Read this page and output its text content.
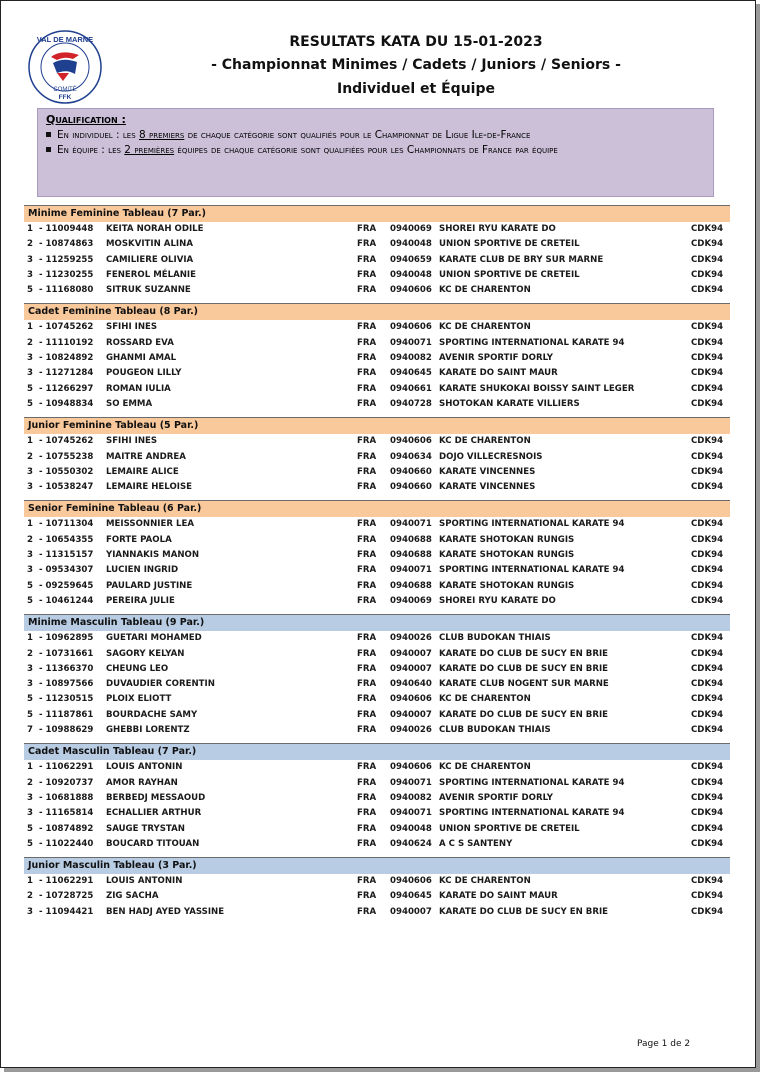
VAL DE MARNE
COMITÉ
FFK
RESULTATS KATA DU 15-01-2023
- Championnat Minimes / Cadets / Juniors / Seniors -
Individuel et Équipe
Qualification :
En individuel : les 8 premiers de chaque catégorie sont qualifiés pour le Championnat de Ligue Ile-de-France
En équipe : les 2 premières équipes de chaque catégorie sont qualifiées pour les Championnats de France par équipe
Minime Feminine Tableau (7 Par.)
1 - 11009448 KEITA NORAH ODILE	FRA 0940069 SHOREI RYU KARATE DO	CDK94
2 - 10874863 MOSKVITIN ALINA	FRA 0940048 UNION SPORTIVE DE CRETEIL	CDK94
3 - 11259255 CAMILIERE OLIVIA	FRA 0940659 KARATE CLUB DE BRY SUR MARNE	CDK94
3 - 11230255 FENEROL MÉLANIE	FRA 0940048 UNION SPORTIVE DE CRETEIL	CDK94
5 - 11168080 SITRUK SUZANNE	FRA 0940606 KC DE CHARENTON	CDK94
Cadet Feminine Tableau (8 Par.)
1 - 10745262 SFIHI INES	FRA 0940606 KC DE CHARENTON	CDK94
2 - 11110192 ROSSARD EVA	FRA 0940071 SPORTING INTERNATIONAL KARATE 94	CDK94
3 - 10824892 GHANMI AMAL	FRA 0940082 AVENIR SPORTIF DORLY	CDK94
3 - 11271284 POUGEON LILLY	FRA 0940645 KARATE DO SAINT MAUR	CDK94
5 - 11266297 ROMAN IULIA	FRA 0940661 KARATE SHUKOKAI BOISSY SAINT LEGER	CDK94
5 - 10948834 SO EMMA	FRA 0940728 SHOTOKAN KARATE VILLIERS	CDK94
Junior Feminine Tableau (5 Par.)
1 - 10745262 SFIHI INES	FRA 0940606 KC DE CHARENTON	CDK94
2 - 10755238 MAITRE ANDREA	FRA 0940634 DOJO VILLECRESNOIS	CDK94
3 - 10550302 LEMAIRE ALICE	FRA 0940660 KARATE VINCENNES	CDK94
3 - 10538247 LEMAIRE HELOISE	FRA 0940660 KARATE VINCENNES	CDK94
Senior Feminine Tableau (6 Par.)
1 - 10711304 MEISSONNIER LEA	FRA 0940071 SPORTING INTERNATIONAL KARATE 94	CDK94
2 - 10654355 FORTE PAOLA	FRA 0940688 KARATE SHOTOKAN RUNGIS	CDK94
3 - 11315157 YIANNAKIS MANON	FRA 0940688 KARATE SHOTOKAN RUNGIS	CDK94
3 - 09534307 LUCIEN INGRID	FRA 0940071 SPORTING INTERNATIONAL KARATE 94	CDK94
5 - 09259645 PAULARD JUSTINE	FRA 0940688 KARATE SHOTOKAN RUNGIS	CDK94
5 - 10461244 PEREIRA JULIE	FRA 0940069 SHOREI RYU KARATE DO	CDK94
Minime Masculin Tableau (9 Par.)
1 - 10962895 GUETARI MOHAMED	FRA 0940026 CLUB BUDOKAN THIAIS	CDK94
2 - 10731661 SAGORY KELYAN	FRA 0940007 KARATE DO CLUB DE SUCY EN BRIE	CDK94
3 - 11366370 CHEUNG LEO	FRA 0940007 KARATE DO CLUB DE SUCY EN BRIE	CDK94
3 - 10897566 DUVAUDIER CORENTIN	FRA 0940640 KARATE CLUB NOGENT SUR MARNE	CDK94
5 - 11230515 PLOIX ELIOTT	FRA 0940606 KC DE CHARENTON	CDK94
5 - 11187861 BOURDACHE SAMY	FRA 0940007 KARATE DO CLUB DE SUCY EN BRIE	CDK94
7 - 10988629 GHEBBI LORENTZ	FRA 0940026 CLUB BUDOKAN THIAIS	CDK94
Cadet Masculin Tableau (7 Par.)
1 - 11062291 LOUIS ANTONIN	FRA 0940606 KC DE CHARENTON	CDK94
2 - 10920737 AMOR RAYHAN	FRA 0940071 SPORTING INTERNATIONAL KARATE 94	CDK94
3 - 10681888 BERBEDJ MESSAOUD	FRA 0940082 AVENIR SPORTIF DORLY	CDK94
3 - 11165814 ECHALLIER ARTHUR	FRA 0940071 SPORTING INTERNATIONAL KARATE 94	CDK94
5 - 10874892 SAUGE TRYSTAN	FRA 0940048 UNION SPORTIVE DE CRETEIL	CDK94
5 - 11022440 BOUCARD TITOUAN	FRA 0940624 A C S SANTENY	CDK94
Junior Masculin Tableau (3 Par.)
1 - 11062291 LOUIS ANTONIN	FRA 0940606 KC DE CHARENTON	CDK94
2 - 10728725 ZIG SACHA	FRA 0940645 KARATE DO SAINT MAUR	CDK94
3 - 11094421 BEN HADJ AYED YASSINE	FRA 0940007 KARATE DO CLUB DE SUCY EN BRIE	CDK94
Page 1 de 2
